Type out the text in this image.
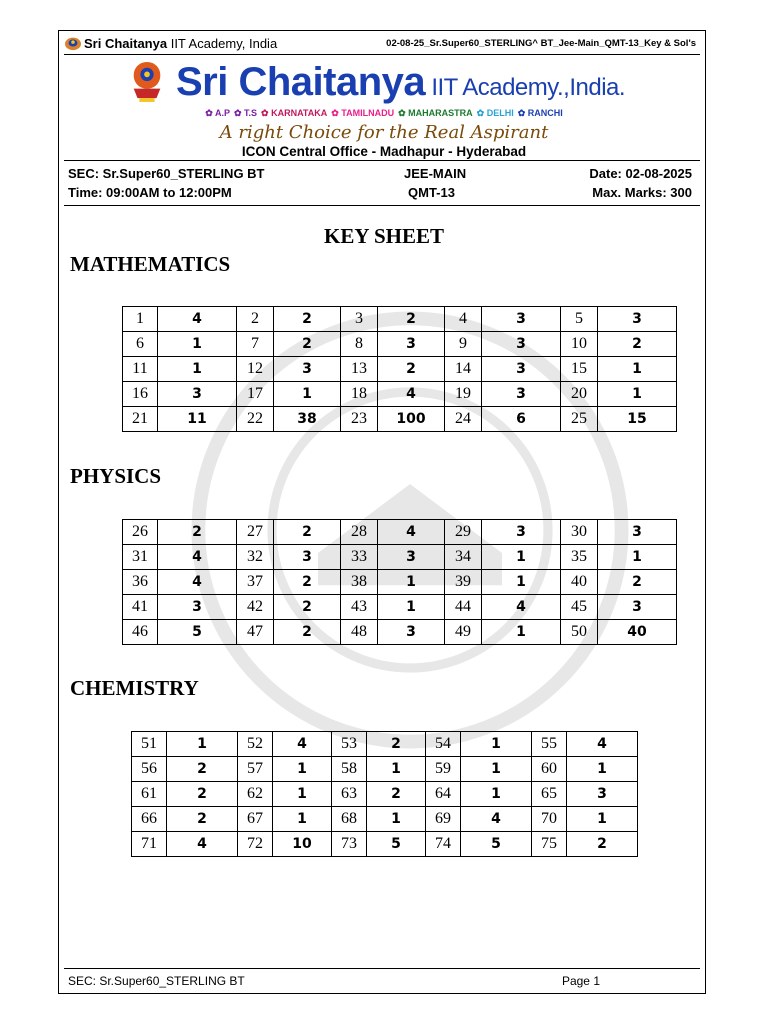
Sri Chaitanya IIT Academy, India	02-08-25_Sr.Super60_STERLING^ BT_Jee-Main_QMT-13_Key & Sol's
Sri Chaitanya IIT Academy.,India.
✿ A.P ✿ T.S ✿ KARNATAKA ✿ TAMILNADU ✿ MAHARASTRA ✿ DELHI ✿ RANCHI
A right Choice for the Real Aspirant
ICON Central Office - Madhapur - Hyderabad
SEC: Sr.Super60_STERLING BT	JEE-MAIN	Date: 02-08-2025
Time: 09:00AM to 12:00PM	QMT-13	Max. Marks: 300
KEY SHEET
MATHEMATICS
PHYSICS
CHEMISTRY
1	4	2	2	3	2	4	3	5	3
6	1	7	2	8	3	9	3	10	2
11	1	12	3	13	2	14	3	15	1
16	3	17	1	18	4	19	3	20	1
21	11	22	38	23	100	24	6	25	15
26	2	27	2	28	4	29	3	30	3
31	4	32	3	33	3	34	1	35	1
36	4	37	2	38	1	39	1	40	2
41	3	42	2	43	1	44	4	45	3
46	5	47	2	48	3	49	1	50	40
51	1	52	4	53	2	54	1	55	4
56	2	57	1	58	1	59	1	60	1
61	2	62	1	63	2	64	1	65	3
66	2	67	1	68	1	69	4	70	1
71	4	72	10	73	5	74	5	75	2
SEC: Sr.Super60_STERLING BT	Page 1
